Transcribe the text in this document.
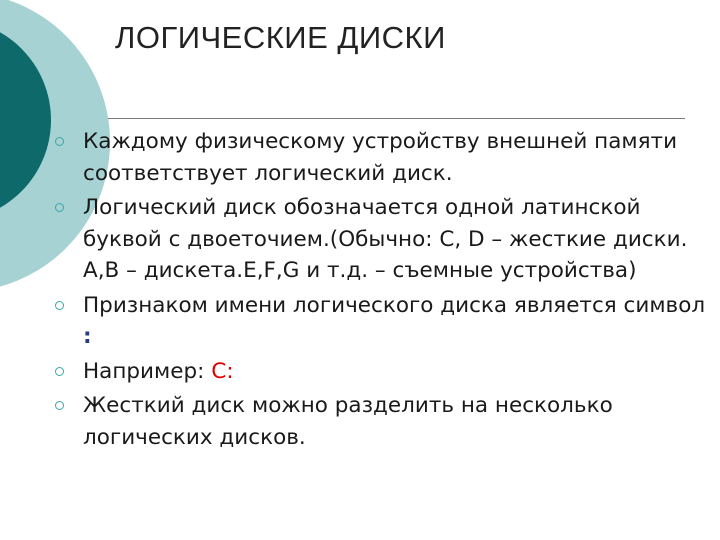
ЛОГИЧЕСКИЕ ДИСКИ
Каждому физическому устройству внешней памяти соответствует логический диск.
Логический диск обозначается одной латинской буквой с двоеточием.(Обычно: C, D – жесткие диски. A,B – дискета.E,F,G и т.д. – съемные устройства)
Признаком имени логического диска является символ :
Например: С:
Жесткий диск можно разделить на несколько логических дисков.
